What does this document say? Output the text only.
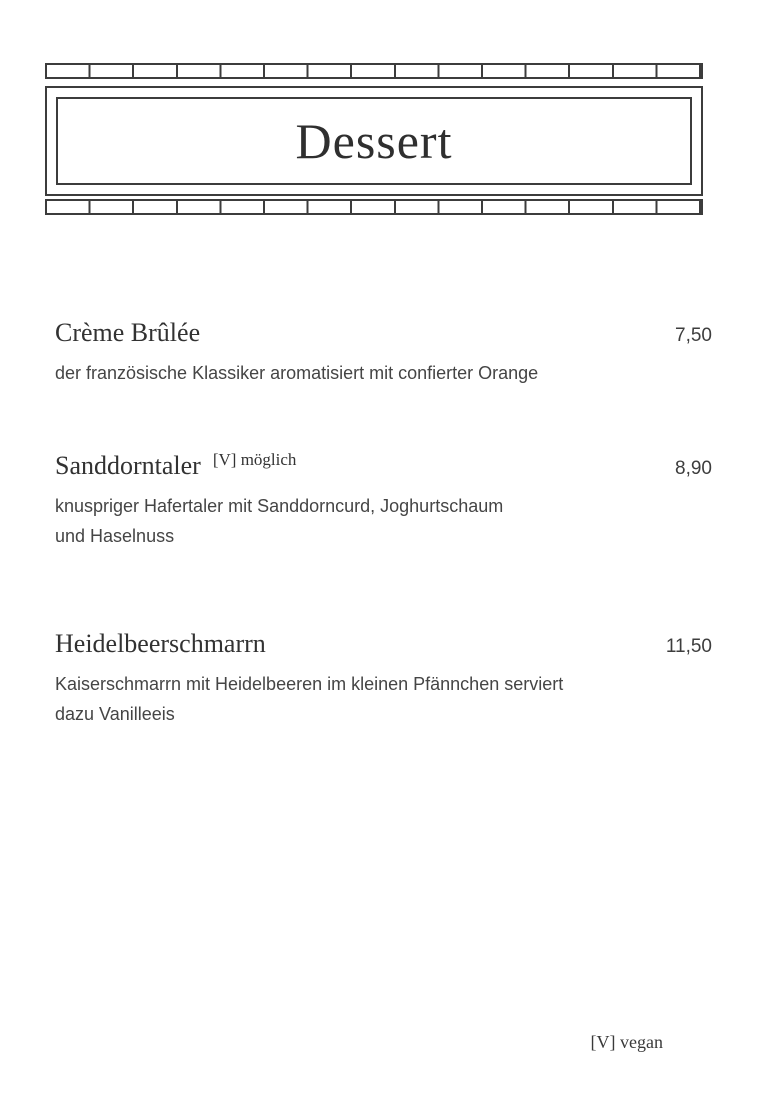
Dessert
Crème Brûlée	7,50

der französische Klassiker aromatisiert mit confierter Orange

Sanddorntaler [V] möglich	8,90

knuspriger Hafertaler mit Sanddorncurd, Joghurtschaum

und Haselnuss

Heidelbeerschmarrn	11,50

Kaiserschmarrn mit Heidelbeeren im kleinen Pfännchen serviert

dazu Vanilleeis

[V] vegan
